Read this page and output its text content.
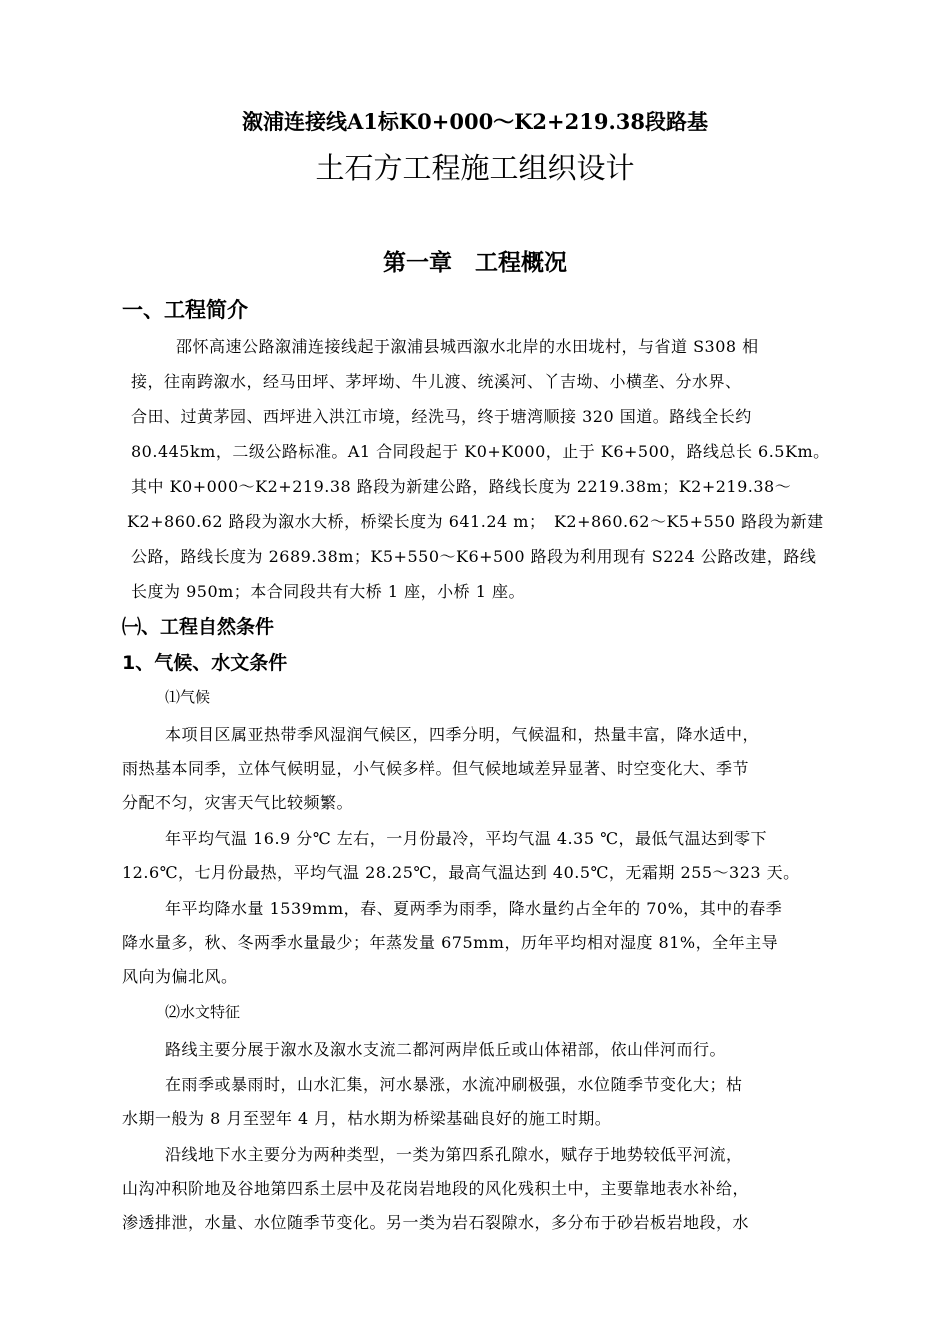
溆浦连接线A1标K0+000～K2+219.38段路基
土石方工程施工组织设计
第一章　工程概况
一、工程简介
邵怀高速公路溆浦连接线起于溆浦县城西溆水北岸的水田垅村，与省道 S308 相
接，往南跨溆水，经马田坪、茅坪坳、牛儿渡、统溪河、丫吉坳、小横垄、分水界、
合田、过黄茅园、西坪进入洪江市境，经洗马，终于塘湾顺接 320 国道。路线全长约
80.445km，二级公路标准。A1 合同段起于 K0+K000，止于 K6+500，路线总长 6.5Km。
其中 K0+000～K2+219.38 路段为新建公路，路线长度为 2219.38m；K2+219.38～
K2+860.62 路段为溆水大桥，桥梁长度为 641.24 m；　K2+860.62～K5+550 路段为新建
公路，路线长度为 2689.38m；K5+550～K6+500 路段为利用现有 S224 公路改建，路线
长度为 950m；本合同段共有大桥 1 座，小桥 1 座。
㈠、工程自然条件
1、气候、水文条件
⑴气候
本项目区属亚热带季风湿润气候区，四季分明，气候温和，热量丰富，降水适中，
雨热基本同季，立体气候明显，小气候多样。但气候地域差异显著、时空变化大、季节
分配不匀，灾害天气比较频繁。
年平均气温 16.9 分℃ 左右，一月份最冷，平均气温 4.35 ℃，最低气温达到零下
12.6℃，七月份最热，平均气温 28.25℃，最高气温达到 40.5℃，无霜期 255～323 天。
年平均降水量 1539mm，春、夏两季为雨季，降水量约占全年的 70%，其中的春季
降水量多，秋、冬两季水量最少；年蒸发量 675mm，历年平均相对湿度 81%，全年主导
风向为偏北风。
⑵水文特征
路线主要分展于溆水及溆水支流二都河两岸低丘或山体裙部，依山伴河而行。
在雨季或暴雨时，山水汇集，河水暴涨，水流冲刷极强，水位随季节变化大；枯
水期一般为 8 月至翌年 4 月，枯水期为桥梁基础良好的施工时期。
沿线地下水主要分为两种类型，一类为第四系孔隙水，赋存于地势较低平河流，
山沟冲积阶地及谷地第四系土层中及花岗岩地段的风化残积土中，主要靠地表水补给，
渗透排泄，水量、水位随季节变化。另一类为岩石裂隙水，多分布于砂岩板岩地段，水
